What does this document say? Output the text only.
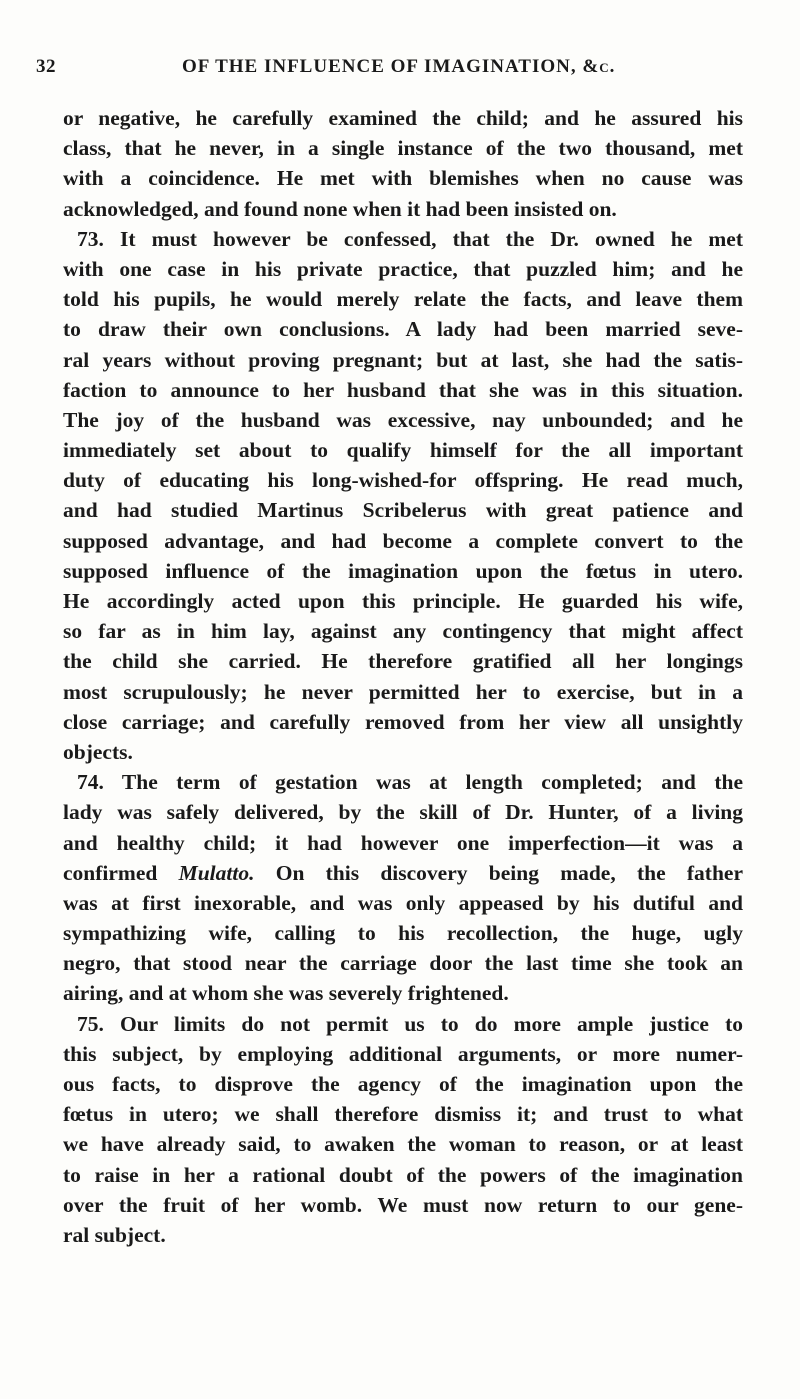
32	OF THE INFLUENCE OF IMAGINATION, &c.
or negative, he carefully examined the child; and he assured his
class, that he never, in a single instance of the two thousand, met
with a coincidence. He met with blemishes when no cause was
acknowledged, and found none when it had been insisted on.
73. It must however be confessed, that the Dr. owned he met
with one case in his private practice, that puzzled him; and he
told his pupils, he would merely relate the facts, and leave them
to draw their own conclusions. A lady had been married seve-
ral years without proving pregnant; but at last, she had the satis-
faction to announce to her husband that she was in this situation.
The joy of the husband was excessive, nay unbounded; and he
immediately set about to qualify himself for the all important
duty of educating his long-wished-for offspring. He read much,
and had studied Martinus Scribelerus with great patience and
supposed advantage, and had become a complete convert to the
supposed influence of the imagination upon the fœtus in utero.
He accordingly acted upon this principle. He guarded his wife,
so far as in him lay, against any contingency that might affect
the child she carried. He therefore gratified all her longings
most scrupulously; he never permitted her to exercise, but in a
close carriage; and carefully removed from her view all unsightly
objects.
74. The term of gestation was at length completed; and the
lady was safely delivered, by the skill of Dr. Hunter, of a living
and healthy child; it had however one imperfection—it was a
confirmed Mulatto. On this discovery being made, the father
was at first inexorable, and was only appeased by his dutiful and
sympathizing wife, calling to his recollection, the huge, ugly
negro, that stood near the carriage door the last time she took an
airing, and at whom she was severely frightened.
75. Our limits do not permit us to do more ample justice to
this subject, by employing additional arguments, or more numer-
ous facts, to disprove the agency of the imagination upon the
fœtus in utero; we shall therefore dismiss it; and trust to what
we have already said, to awaken the woman to reason, or at least
to raise in her a rational doubt of the powers of the imagination
over the fruit of her womb. We must now return to our gene-
ral subject.
